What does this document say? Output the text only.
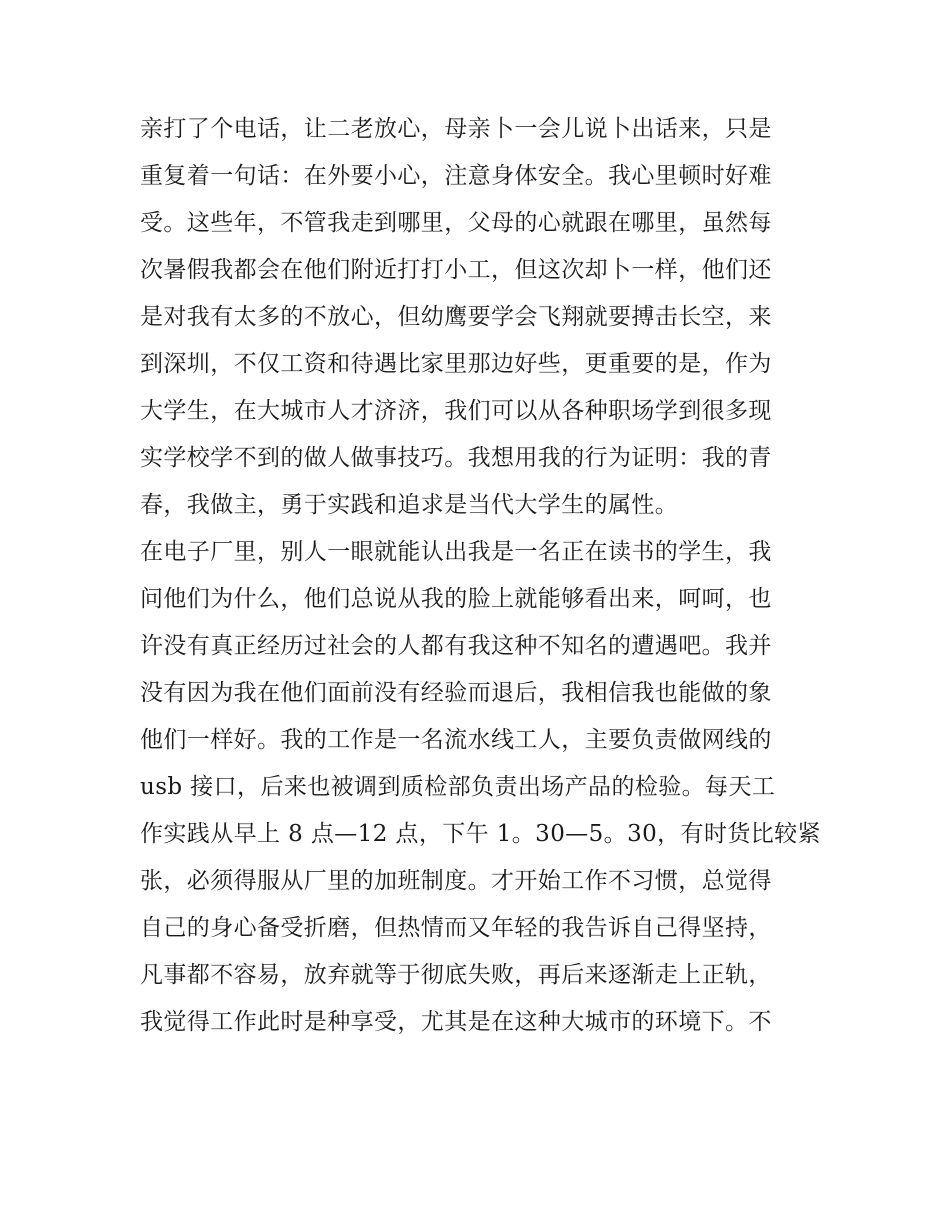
亲打了个电话，让二老放心，母亲卜一会儿说卜出话来，只是
重复着一句话：在外要小心，注意身体安全。我心里顿时好难
受。这些年，不管我走到哪里，父母的心就跟在哪里，虽然每
次暑假我都会在他们附近打打小工，但这次却卜一样，他们还
是对我有太多的不放心，但幼鹰要学会飞翔就要搏击长空，来
到深圳，不仅工资和待遇比家里那边好些，更重要的是，作为
大学生，在大城市人才济济，我们可以从各种职场学到很多现
实学校学不到的做人做事技巧。我想用我的行为证明：我的青
春，我做主，勇于实践和追求是当代大学生的属性。
在电子厂里，别人一眼就能认出我是一名正在读书的学生，我
问他们为什么，他们总说从我的脸上就能够看出来，呵呵，也
许没有真正经历过社会的人都有我这种不知名的遭遇吧。我并
没有因为我在他们面前没有经验而退后，我相信我也能做的象
他们一样好。我的工作是一名流水线工人，主要负责做网线的
usb 接口，后来也被调到质检部负责出场产品的检验。每天工
作实践从早上 8 点—12 点，下午 1。30—5。30，有时货比较紧
张，必须得服从厂里的加班制度。才开始工作不习惯，总觉得
自己的身心备受折磨，但热情而又年轻的我告诉自己得坚持，
凡事都不容易，放弃就等于彻底失败，再后来逐渐走上正轨，
我觉得工作此时是种享受，尤其是在这种大城市的环境下。不
